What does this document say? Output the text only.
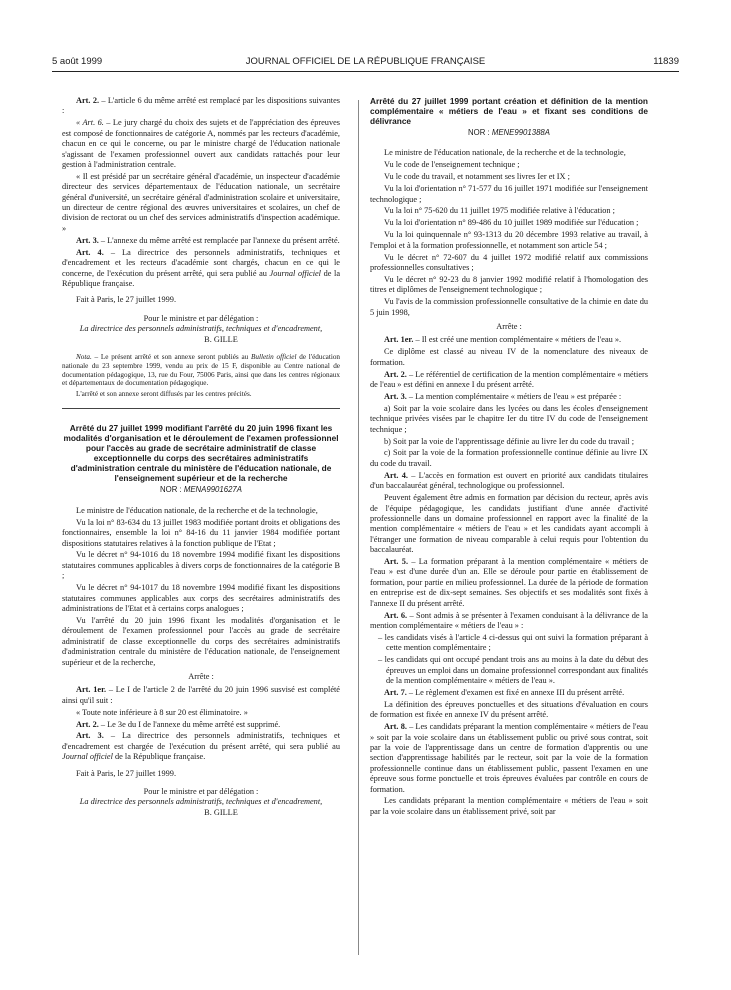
5 août 1999	JOURNAL OFFICIEL DE LA RÉPUBLIQUE FRANÇAISE	11839

Art. 2. – L'article 6 du même arrêté est remplacé par les dispositions suivantes :

« Art. 6. – Le jury chargé du choix des sujets et de l'appréciation des épreuves est composé de fonctionnaires de catégorie A, nommés par les recteurs d'académie, chacun en ce qui le concerne, ou par le ministre chargé de l'éducation nationale s'agissant de l'examen professionnel ouvert aux candidats rattachés pour leur gestion à l'administration centrale.

« Il est présidé par un secrétaire général d'académie, un inspecteur d'académie directeur des services départementaux de l'éducation nationale, un secrétaire général d'université, un secrétaire général d'administration scolaire et universitaire, un directeur de centre régional des œuvres universitaires et scolaires, un chef de division de rectorat ou un chef des services administratifs d'inspection académique. »

Art. 3. – L'annexe du même arrêté est remplacée par l'annexe du présent arrêté.

Art. 4. – La directrice des personnels administratifs, techniques et d'encadrement et les recteurs d'académie sont chargés, chacun en ce qui le concerne, de l'exécution du présent arrêté, qui sera publié au Journal officiel de la République française.

Fait à Paris, le 27 juillet 1999.

Pour le ministre et par délégation :
La directrice des personnels administratifs, techniques et d'encadrement,
B. GILLE

Nota. – Le présent arrêté et son annexe seront publiés au Bulletin officiel de l'éducation nationale du 23 septembre 1999, vendu au prix de 15 F, disponible au Centre national de documentation pédagogique, 13, rue du Four, 75006 Paris, ainsi que dans les centres régionaux et départementaux de documentation pédagogique.

L'arrêté et son annexe seront diffusés par les centres précités.

Arrêté du 27 juillet 1999 modifiant l'arrêté du 20 juin 1996 fixant les modalités d'organisation et le déroulement de l'examen professionnel pour l'accès au grade de secrétaire administratif de classe exceptionnelle du corps des secrétaires administratifs d'administration centrale du ministère de l'éducation nationale, de l'enseignement supérieur et de la recherche

NOR : MENA9901627A

Le ministre de l'éducation nationale, de la recherche et de la technologie,

Vu la loi n° 83-634 du 13 juillet 1983 modifiée portant droits et obligations des fonctionnaires, ensemble la loi n° 84-16 du 11 janvier 1984 modifiée portant dispositions statutaires relatives à la fonction publique de l'Etat ;

Vu le décret n° 94-1016 du 18 novembre 1994 modifié fixant les dispositions statutaires communes applicables à divers corps de fonctionnaires de la catégorie B ;

Vu le décret n° 94-1017 du 18 novembre 1994 modifié fixant les dispositions statutaires communes applicables aux corps des secrétaires administratifs des administrations de l'Etat et à certains corps analogues ;

Vu l'arrêté du 20 juin 1996 fixant les modalités d'organisation et le déroulement de l'examen professionnel pour l'accès au grade de secrétaire administratif de classe exceptionnelle du corps des secrétaires administratifs d'administration centrale du ministère de l'éducation nationale, de l'enseignement supérieur et de la recherche,

Arrête :

Art. 1er. – Le I de l'article 2 de l'arrêté du 20 juin 1996 susvisé est complété ainsi qu'il suit :

« Toute note inférieure à 8 sur 20 est éliminatoire. »

Art. 2. – Le 3e du I de l'annexe du même arrêté est supprimé.

Art. 3. – La directrice des personnels administratifs, techniques et d'encadrement est chargée de l'exécution du présent arrêté, qui sera publié au Journal officiel de la République française.

Fait à Paris, le 27 juillet 1999.

Pour le ministre et par délégation :
La directrice des personnels administratifs, techniques et d'encadrement,
B. GILLE

Arrêté du 27 juillet 1999 portant création et définition de la mention complémentaire « métiers de l'eau » et fixant ses conditions de délivrance

NOR : MENE9901388A

Le ministre de l'éducation nationale, de la recherche et de la technologie,

Vu le code de l'enseignement technique ;

Vu le code du travail, et notamment ses livres Ier et IX ;

Vu la loi d'orientation n° 71-577 du 16 juillet 1971 modifiée sur l'enseignement technologique ;

Vu la loi n° 75-620 du 11 juillet 1975 modifiée relative à l'éducation ;

Vu la loi d'orientation n° 89-486 du 10 juillet 1989 modifiée sur l'éducation ;

Vu la loi quinquennale n° 93-1313 du 20 décembre 1993 relative au travail, à l'emploi et à la formation professionnelle, et notamment son article 54 ;

Vu le décret n° 72-607 du 4 juillet 1972 modifié relatif aux commissions professionnelles consultatives ;

Vu le décret n° 92-23 du 8 janvier 1992 modifié relatif à l'homologation des titres et diplômes de l'enseignement technologique ;

Vu l'avis de la commission professionnelle consultative de la chimie en date du 5 juin 1998,

Arrête :

Art. 1er. – Il est créé une mention complémentaire « métiers de l'eau ».

Ce diplôme est classé au niveau IV de la nomenclature des niveaux de formation.

Art. 2. – Le référentiel de certification de la mention complémentaire « métiers de l'eau » est défini en annexe I du présent arrêté.

Art. 3. – La mention complémentaire « métiers de l'eau » est préparée :

a) Soit par la voie scolaire dans les lycées ou dans les écoles d'enseignement technique privées visées par le chapitre Ier du titre IV du code de l'enseignement technique ;

b) Soit par la voie de l'apprentissage définie au livre Ier du code du travail ;

c) Soit par la voie de la formation professionnelle continue définie au livre IX du code du travail.

Art. 4. – L'accès en formation est ouvert en priorité aux candidats titulaires d'un baccalauréat général, technologique ou professionnel.

Peuvent également être admis en formation par décision du recteur, après avis de l'équipe pédagogique, les candidats justifiant d'une année d'activité professionnelle dans un domaine professionnel en rapport avec la finalité de la mention complémentaire « métiers de l'eau » et les candidats ayant accompli à l'étranger une formation de niveau comparable à celui requis pour l'obtention du baccalauréat.

Art. 5. – La formation préparant à la mention complémentaire « métiers de l'eau » est d'une durée d'un an. Elle se déroule pour partie en établissement de formation, pour partie en milieu professionnel. La durée de la période de formation en entreprise est de dix-sept semaines. Ses objectifs et ses modalités sont fixés à l'annexe II du présent arrêté.

Art. 6. – Sont admis à se présenter à l'examen conduisant à la délivrance de la mention complémentaire « métiers de l'eau » :

– les candidats visés à l'article 4 ci-dessus qui ont suivi la formation préparant à cette mention complémentaire ;

– les candidats qui ont occupé pendant trois ans au moins à la date du début des épreuves un emploi dans un domaine professionnel correspondant aux finalités de la mention complémentaire « métiers de l'eau ».

Art. 7. – Le règlement d'examen est fixé en annexe III du présent arrêté.

La définition des épreuves ponctuelles et des situations d'évaluation en cours de formation est fixée en annexe IV du présent arrêté.

Art. 8. – Les candidats préparant la mention complémentaire « métiers de l'eau » soit par la voie scolaire dans un établissement public ou privé sous contrat, soit par la voie de l'apprentissage dans un centre de formation d'apprentis ou une section d'apprentissage habilités par le recteur, soit par la voie de la formation professionnelle continue dans un établissement public, passent l'examen en une épreuve sous forme ponctuelle et trois épreuves évaluées par contrôle en cours de formation.

Les candidats préparant la mention complémentaire « métiers de l'eau » soit par la voie scolaire dans un établissement privé, soit par
